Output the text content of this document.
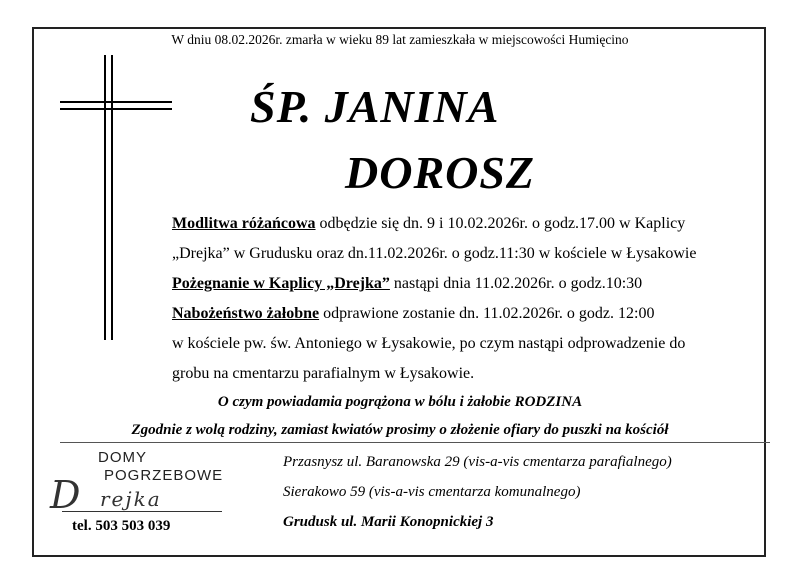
W dniu 08.02.2026r. zmarła w wieku 89 lat zamieszkała w miejscowości Humięcino
ŚP. JANINA
DOROSZ
Modlitwa różańcowa odbędzie się dn. 9 i 10.02.2026r. o godz.17.00 w Kaplicy
„Drejka” w Grudusku oraz dn.11.02.2026r. o godz.11:30 w kościele w Łysakowie
Pożegnanie w Kaplicy „Drejka” nastąpi dnia 11.02.2026r. o godz.10:30
Nabożeństwo żałobne odprawione zostanie dn. 11.02.2026r. o godz. 12:00
w kościele pw. św. Antoniego w Łysakowie, po czym nastąpi odprowadzenie do
grobu na cmentarzu parafialnym w Łysakowie.
O czym powiadamia pogrążona w bólu i żałobie RODZINA
Zgodnie z wolą rodziny, zamiast kwiatów prosimy o złożenie ofiary do puszki na kościół
DOMY
POGRZEBOWE
D rejka
tel. 503 503 039
Przasnysz ul. Baranowska 29 (vis-a-vis cmentarza parafialnego)
Sierakowo 59 (vis-a-vis cmentarza komunalnego)
Grudusk ul. Marii Konopnickiej 3
